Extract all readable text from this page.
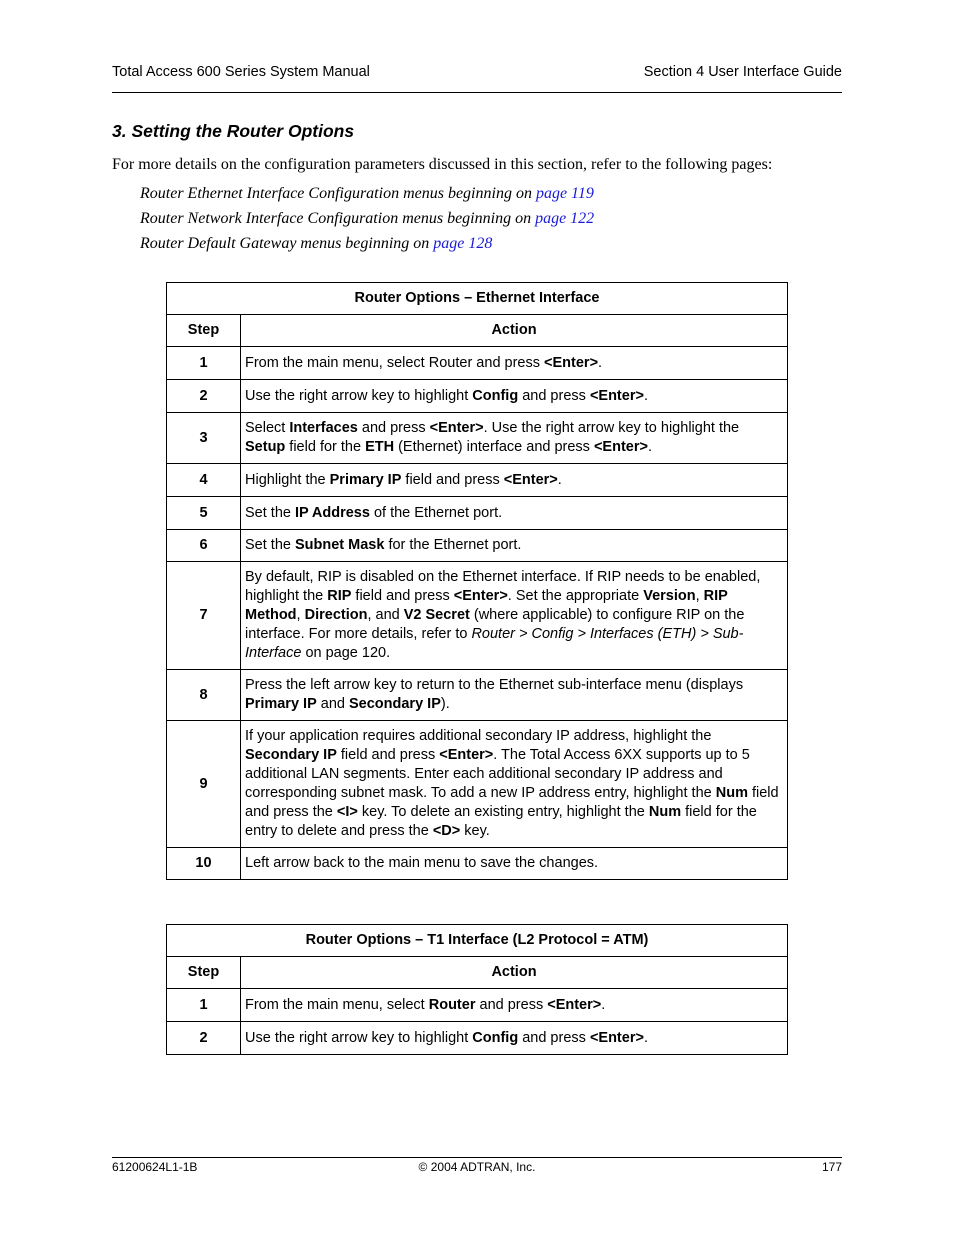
Total Access 600 Series System Manual	Section 4 User Interface Guide
3. Setting the Router Options
For more details on the configuration parameters discussed in this section, refer to the following pages:
Router Ethernet Interface Configuration menus beginning on page 119
Router Network Interface Configuration menus beginning on page 122
Router Default Gateway menus beginning on page 128
Router Options – Ethernet Interface	
Step	Action
1	From the main menu, select Router and press <Enter>.
2	Use the right arrow key to highlight Config and press <Enter>.
3	Select Interfaces and press <Enter>. Use the right arrow key to highlight the Setup field for the ETH (Ethernet) interface and press <Enter>.
4	Highlight the Primary IP field and press <Enter>.
5	Set the IP Address of the Ethernet port.
6	Set the Subnet Mask for the Ethernet port.
7	By default, RIP is disabled on the Ethernet interface. If RIP needs to be enabled, highlight the RIP field and press <Enter>. Set the appropriate Version, RIP Method, Direction, and V2 Secret (where applicable) to configure RIP on the interface. For more details, refer to Router > Config > Interfaces (ETH) > Sub-Interface on page 120.
8	Press the left arrow key to return to the Ethernet sub-interface menu (displays Primary IP and Secondary IP).
9	If your application requires additional secondary IP address, highlight the Secondary IP field and press <Enter>. The Total Access 6XX supports up to 5 additional LAN segments. Enter each additional secondary IP address and corresponding subnet mask. To add a new IP address entry, highlight the Num field and press the <I> key. To delete an existing entry, highlight the Num field for the entry to delete and press the <D> key.
10	Left arrow back to the main menu to save the changes.
Router Options – T1 Interface (L2 Protocol = ATM)	
Step	Action
1	From the main menu, select Router and press <Enter>.
2	Use the right arrow key to highlight Config and press <Enter>.
61200624L1-1B	© 2004 ADTRAN, Inc.	177
